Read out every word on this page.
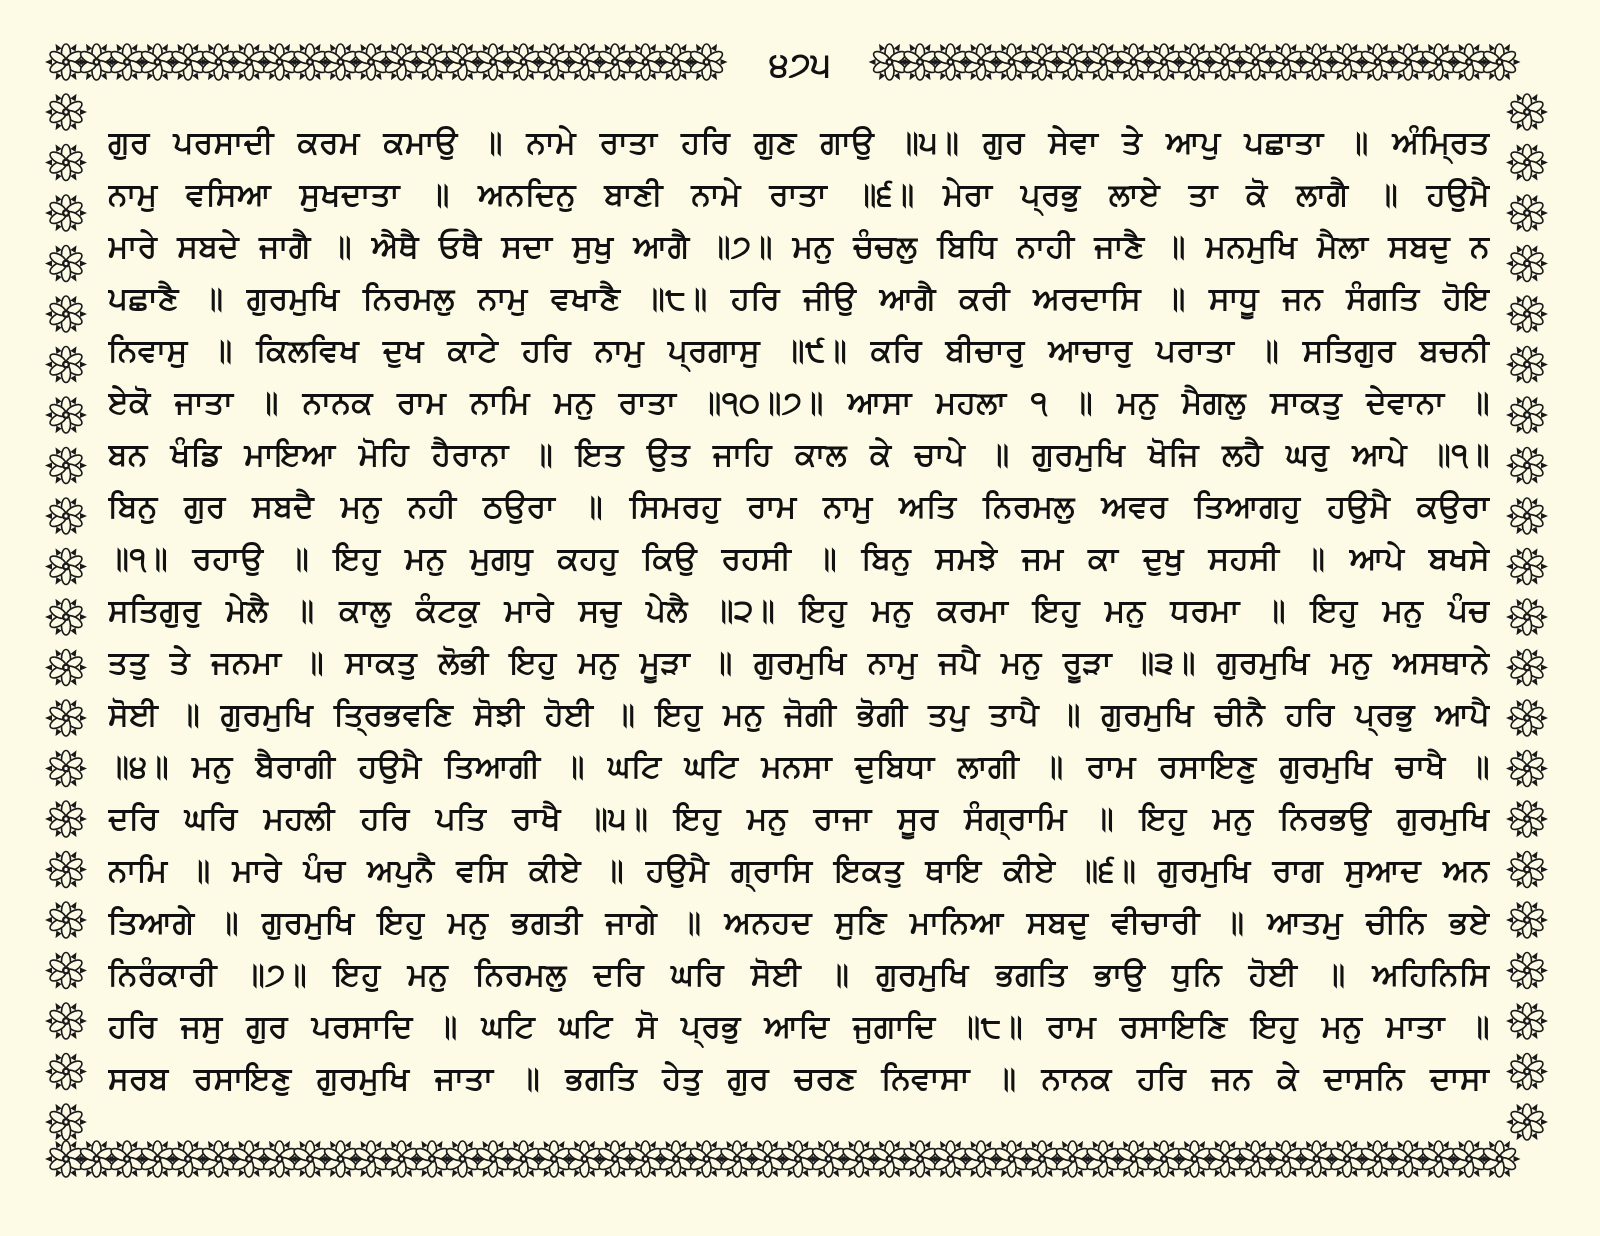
੪੭੫
ਗੁਰ ਪਰਸਾਦੀ ਕਰਮ ਕਮਾਉ ॥ ਨਾਮੇ ਰਾਤਾ ਹਰਿ ਗੁਣ ਗਾਉ ॥੫॥ ਗੁਰ ਸੇਵਾ ਤੇ ਆਪੁ ਪਛਾਤਾ ॥ ਅੰਮ੍ਰਿਤ
ਨਾਮੁ ਵਸਿਆ ਸੁਖਦਾਤਾ ॥ ਅਨਦਿਨੁ ਬਾਣੀ ਨਾਮੇ ਰਾਤਾ ॥੬॥ ਮੇਰਾ ਪ੍ਰਭੁ ਲਾਏ ਤਾ ਕੋ ਲਾਗੈ ॥ ਹਉਮੈ
ਮਾਰੇ ਸਬਦੇ ਜਾਗੈ ॥ ਐਥੈ ਓਥੈ ਸਦਾ ਸੁਖੁ ਆਗੈ ॥੭॥ ਮਨੁ ਚੰਚਲੁ ਬਿਧਿ ਨਾਹੀ ਜਾਣੈ ॥ ਮਨਮੁਖਿ ਮੈਲਾ ਸਬਦੁ ਨ
ਪਛਾਣੈ ॥ ਗੁਰਮੁਖਿ ਨਿਰਮਲੁ ਨਾਮੁ ਵਖਾਣੈ ॥੮॥ ਹਰਿ ਜੀਉ ਆਗੈ ਕਰੀ ਅਰਦਾਸਿ ॥ ਸਾਧੂ ਜਨ ਸੰਗਤਿ ਹੋਇ
ਨਿਵਾਸੁ ॥ ਕਿਲਵਿਖ ਦੁਖ ਕਾਟੇ ਹਰਿ ਨਾਮੁ ਪ੍ਰਗਾਸੁ ॥੯॥ ਕਰਿ ਬੀਚਾਰੁ ਆਚਾਰੁ ਪਰਾਤਾ ॥ ਸਤਿਗੁਰ ਬਚਨੀ
ਏਕੋ ਜਾਤਾ ॥ ਨਾਨਕ ਰਾਮ ਨਾਮਿ ਮਨੁ ਰਾਤਾ ॥੧੦॥੭॥ ਆਸਾ ਮਹਲਾ ੧ ॥ ਮਨੁ ਮੈਗਲੁ ਸਾਕਤੁ ਦੇਵਾਨਾ ॥
ਬਨ ਖੰਡਿ ਮਾਇਆ ਮੋਹਿ ਹੈਰਾਨਾ ॥ ਇਤ ਉਤ ਜਾਹਿ ਕਾਲ ਕੇ ਚਾਪੇ ॥ ਗੁਰਮੁਖਿ ਖੋਜਿ ਲਹੈ ਘਰੁ ਆਪੇ ॥੧॥
ਬਿਨੁ ਗੁਰ ਸਬਦੈ ਮਨੁ ਨਹੀ ਠਉਰਾ ॥ ਸਿਮਰਹੁ ਰਾਮ ਨਾਮੁ ਅਤਿ ਨਿਰਮਲੁ ਅਵਰ ਤਿਆਗਹੁ ਹਉਮੈ ਕਉਰਾ
॥੧॥ ਰਹਾਉ ॥ ਇਹੁ ਮਨੁ ਮੁਗਧੁ ਕਹਹੁ ਕਿਉ ਰਹਸੀ ॥ ਬਿਨੁ ਸਮਝੇ ਜਮ ਕਾ ਦੁਖੁ ਸਹਸੀ ॥ ਆਪੇ ਬਖਸੇ
ਸਤਿਗੁਰੁ ਮੇਲੈ ॥ ਕਾਲੁ ਕੰਟਕੁ ਮਾਰੇ ਸਚੁ ਪੇਲੈ ॥੨॥ ਇਹੁ ਮਨੁ ਕਰਮਾ ਇਹੁ ਮਨੁ ਧਰਮਾ ॥ ਇਹੁ ਮਨੁ ਪੰਚ
ਤਤੁ ਤੇ ਜਨਮਾ ॥ ਸਾਕਤੁ ਲੋਭੀ ਇਹੁ ਮਨੁ ਮੂੜਾ ॥ ਗੁਰਮੁਖਿ ਨਾਮੁ ਜਪੈ ਮਨੁ ਰੂੜਾ ॥੩॥ ਗੁਰਮੁਖਿ ਮਨੁ ਅਸਥਾਨੇ
ਸੋਈ ॥ ਗੁਰਮੁਖਿ ਤ੍ਰਿਭਵਣਿ ਸੋਝੀ ਹੋਈ ॥ ਇਹੁ ਮਨੁ ਜੋਗੀ ਭੋਗੀ ਤਪੁ ਤਾਪੈ ॥ ਗੁਰਮੁਖਿ ਚੀਨੈ ਹਰਿ ਪ੍ਰਭੁ ਆਪੈ
॥੪॥ ਮਨੁ ਬੈਰਾਗੀ ਹਉਮੈ ਤਿਆਗੀ ॥ ਘਟਿ ਘਟਿ ਮਨਸਾ ਦੁਬਿਧਾ ਲਾਗੀ ॥ ਰਾਮ ਰਸਾਇਣੁ ਗੁਰਮੁਖਿ ਚਾਖੈ ॥
ਦਰਿ ਘਰਿ ਮਹਲੀ ਹਰਿ ਪਤਿ ਰਾਖੈ ॥੫॥ ਇਹੁ ਮਨੁ ਰਾਜਾ ਸੂਰ ਸੰਗ੍ਰਾਮਿ ॥ ਇਹੁ ਮਨੁ ਨਿਰਭਉ ਗੁਰਮੁਖਿ
ਨਾਮਿ ॥ ਮਾਰੇ ਪੰਚ ਅਪੁਨੈ ਵਸਿ ਕੀਏ ॥ ਹਉਮੈ ਗ੍ਰਾਸਿ ਇਕਤੁ ਥਾਇ ਕੀਏ ॥੬॥ ਗੁਰਮੁਖਿ ਰਾਗ ਸੁਆਦ ਅਨ
ਤਿਆਗੇ ॥ ਗੁਰਮੁਖਿ ਇਹੁ ਮਨੁ ਭਗਤੀ ਜਾਗੇ ॥ ਅਨਹਦ ਸੁਣਿ ਮਾਨਿਆ ਸਬਦੁ ਵੀਚਾਰੀ ॥ ਆਤਮੁ ਚੀਨਿ ਭਏ
ਨਿਰੰਕਾਰੀ ॥੭॥ ਇਹੁ ਮਨੁ ਨਿਰਮਲੁ ਦਰਿ ਘਰਿ ਸੋਈ ॥ ਗੁਰਮੁਖਿ ਭਗਤਿ ਭਾਉ ਧੁਨਿ ਹੋਈ ॥ ਅਹਿਨਿਸਿ
ਹਰਿ ਜਸੁ ਗੁਰ ਪਰਸਾਦਿ ॥ ਘਟਿ ਘਟਿ ਸੋ ਪ੍ਰਭੁ ਆਦਿ ਜੁਗਾਦਿ ॥੮॥ ਰਾਮ ਰਸਾਇਣਿ ਇਹੁ ਮਨੁ ਮਾਤਾ ॥
ਸਰਬ ਰਸਾਇਣੁ ਗੁਰਮੁਖਿ ਜਾਤਾ ॥ ਭਗਤਿ ਹੇਤੁ ਗੁਰ ਚਰਣ ਨਿਵਾਸਾ ॥ ਨਾਨਕ ਹਰਿ ਜਨ ਕੇ ਦਾਸਨਿ ਦਾਸਾ
